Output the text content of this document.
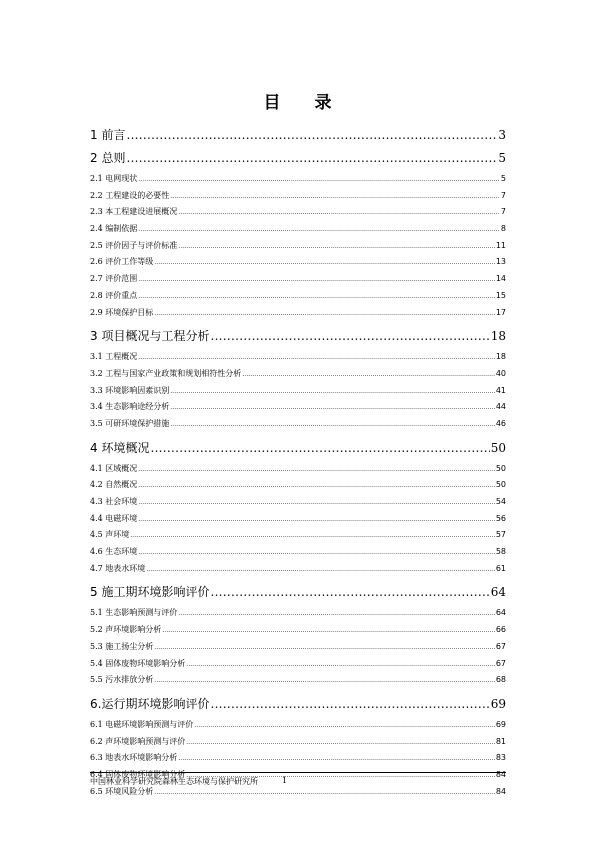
目 录
1 前言 .....	3
2 总则 .....	5
2.1 电网现状 .....	5
2.2 工程建设的必要性 .....	7
2.3 本工程建设进展概况 .....	7
2.4 编制依据 .....	8
2.5 评价因子与评价标准 .....	11
2.6 评价工作等级 .....	13
2.7 评价范围 .....	14
2.8 评价重点 .....	15
2.9 环境保护目标 .....	17
3 项目概况与工程分析 .....	18
3.1 工程概况 .....	18
3.2 工程与国家产业政策和规划相符性分析 .....	40
3.3 环境影响因素识别 .....	41
3.4 生态影响途经分析 .....	44
3.5 可研环境保护措施 .....	46
4 环境概况 .....	50
4.1 区域概况 .....	50
4.2 自然概况 .....	50
4.3 社会环境 .....	54
4.4 电磁环境 .....	56
4.5 声环境 .....	57
4.6 生态环境 .....	58
4.7 地表水环境 .....	61
5 施工期环境影响评价 .....	64
5.1 生态影响预测与评价 .....	64
5.2 声环境影响分析 .....	66
5.3 施工扬尘分析 .....	67
5.4 固体废物环境影响分析 .....	67
5.5 污水排放分析 .....	68
6.运行期环境影响评价 .....	69
6.1 电磁环境影响预测与评价 .....	69
6.2 声环境影响预测与评价 .....	81
6.3 地表水环境影响分析 .....	83
6.4 固体废物环境影响分析 .....	84
6.5 环境风险分析 .....	84
中国林业科学研究院森林生态环境与保护研究所	1
